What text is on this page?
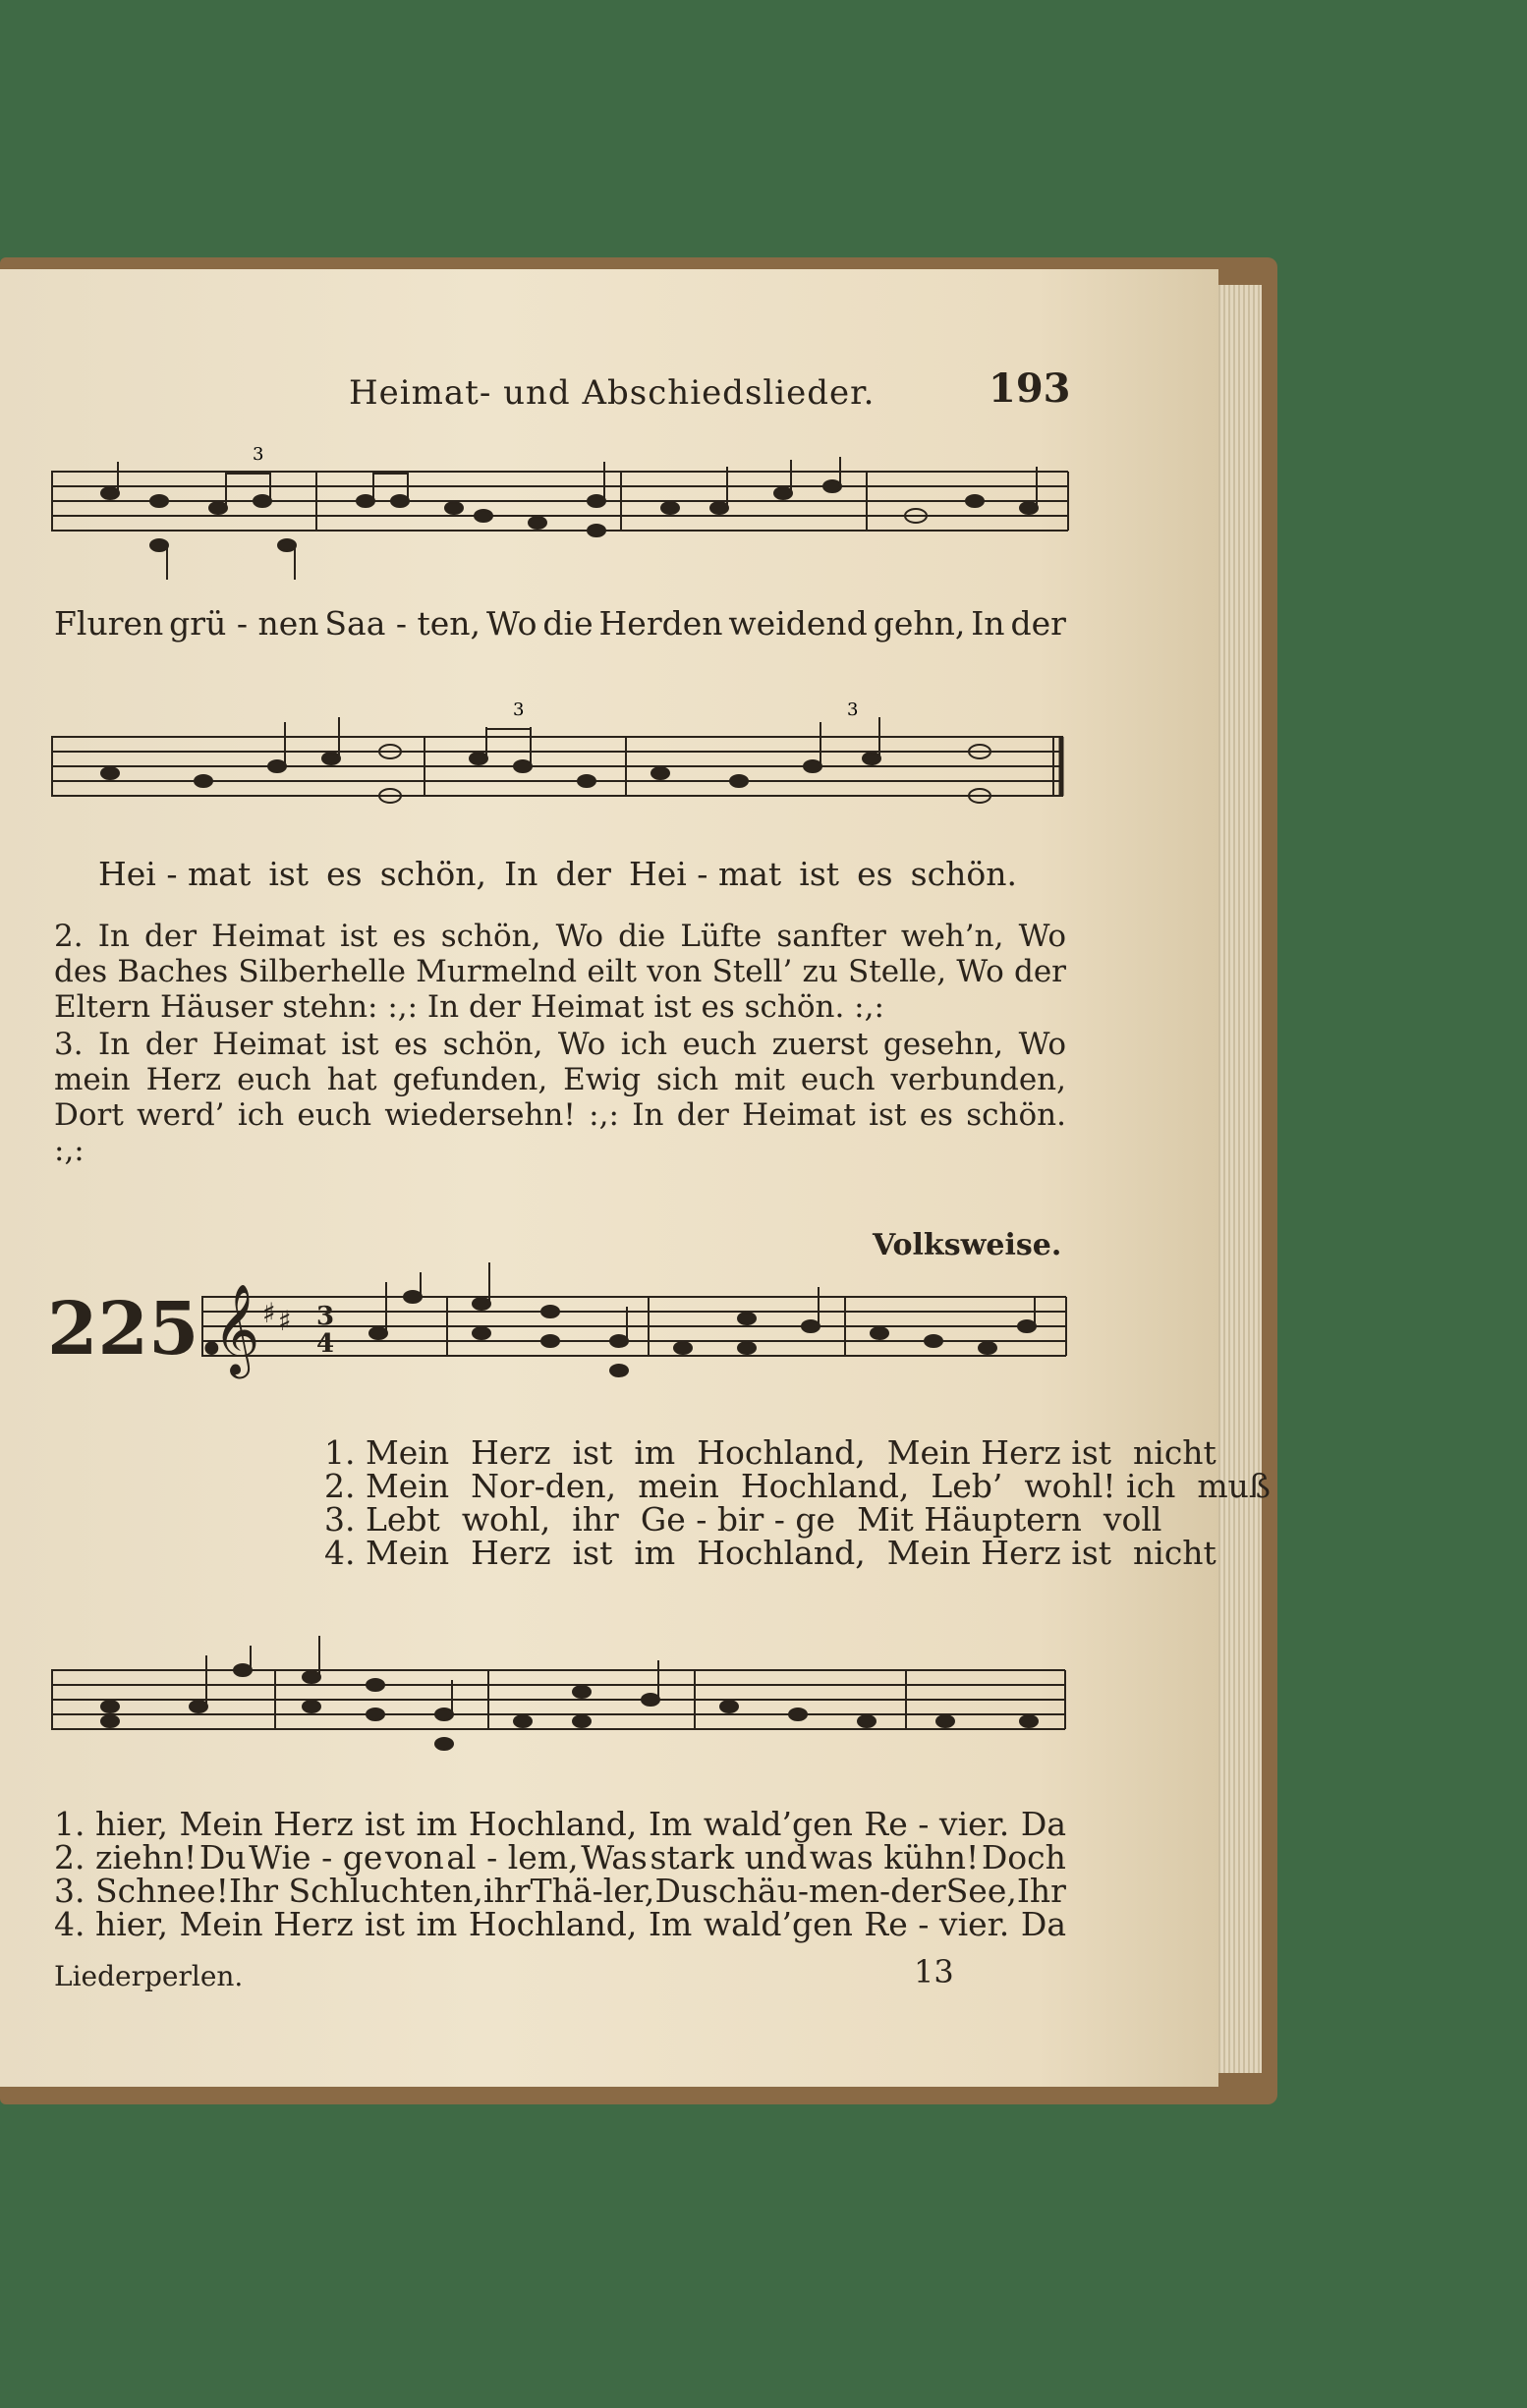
Heimat- und Abschiedslieder.	193
3
Fluren grü - nen Saa - ten, Wo die Herden weidend gehn, In der
3	3
Hei - mat ist es schön, In der Hei - mat ist es schön.
2. In der Heimat ist es schön, Wo die Lüfte sanfter weh’n, Wo des Baches Silberhelle Murmelnd eilt von Stell’ zu Stelle, Wo der Eltern Häuser stehn: :,: In der Heimat ist es schön. :,:
3. In der Heimat ist es schön, Wo ich euch zuerst gesehn, Wo mein Herz euch hat gefunden, Ewig sich mit euch verbunden, Dort werd’ ich euch wiedersehn! :,: In der Heimat ist es schön. :,:
Volksweise.
225.
𝄞 ♯ ♯ 3
4
1. Mein Herz ist im Hochland, Mein Herz ist nicht
2. Mein Nor-den, mein Hochland, Leb’ wohl! ich muß
3. Lebt wohl, ihr Ge - bir - ge Mit Häuptern voll
4. Mein Herz ist im Hochland, Mein Herz ist nicht
1. hier, Mein Herz ist im Hochland, Im wald’gen Re - vier. Da
2. ziehn! Du Wie - ge von al - lem, Was stark und was kühn! Doch
3. Schnee! Ihr Schluchten, ihr Thä-ler, Du schäu-men-der See, Ihr
4. hier, Mein Herz ist im Hochland, Im wald’gen Re - vier. Da
Liederperlen.	13
